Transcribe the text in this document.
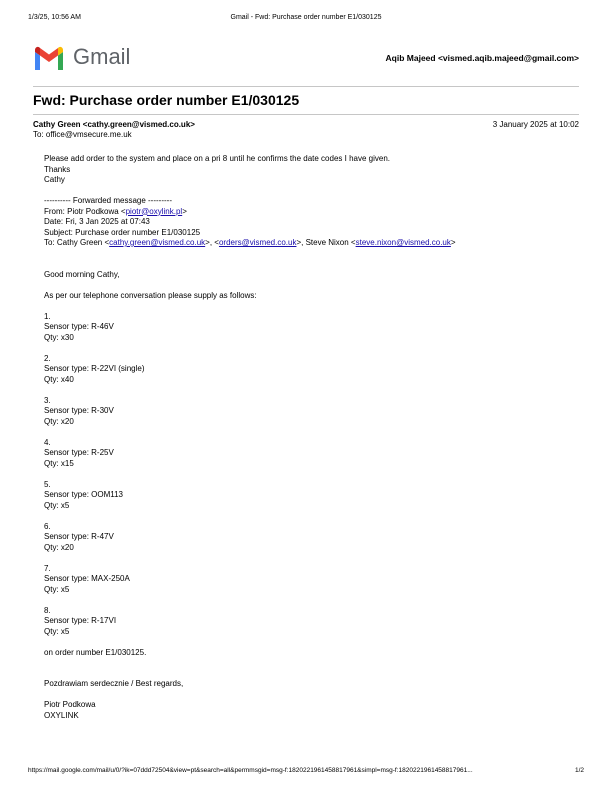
1/3/25, 10:56 AM	Gmail - Fwd: Purchase order number E1/030125
Gmail	Aqib Majeed <vismed.aqib.majeed@gmail.com>
Fwd: Purchase order number E1/030125
Cathy Green <cathy.green@vismed.co.uk>
To: office@vmsecure.me.uk
3 January 2025 at 10:02

Please add order to the system and place on a pri 8 until he confirms the date codes I have given.

Thanks

Cathy

---------- Forwarded message ---------

From: Piotr Podkowa <piotr@oxylink.pl>

Date: Fri, 3 Jan 2025 at 07:43

Subject: Purchase order number E1/030125

To: Cathy Green <cathy.green@vismed.co.uk>, <orders@vismed.co.uk>, Steve Nixon <steve.nixon@vismed.co.uk>

Good morning Cathy,

As per our telephone conversation please supply as follows:

1.

Sensor type: R-46V

Qty: x30

2.

Sensor type: R-22VI (single)

Qty: x40

3.

Sensor type: R-30V

Qty: x20

4.

Sensor type: R-25V

Qty: x15

5.

Sensor type: OOM113

Qty: x5

6.

Sensor type: R-47V

Qty: x20

7.

Sensor type: MAX-250A

Qty: x5

8.

Sensor type: R-17VI

Qty: x5

on order number E1/030125.

Pozdrawiam serdecznie / Best regards,

Piotr Podkowa

OXYLINK

https://mail.google.com/mail/u/0/?ik=07ddd72504&view=pt&search=all&permmsgid=msg-f:1820221961458817961&simpl=msg-f:1820221961458817961...	1/2
